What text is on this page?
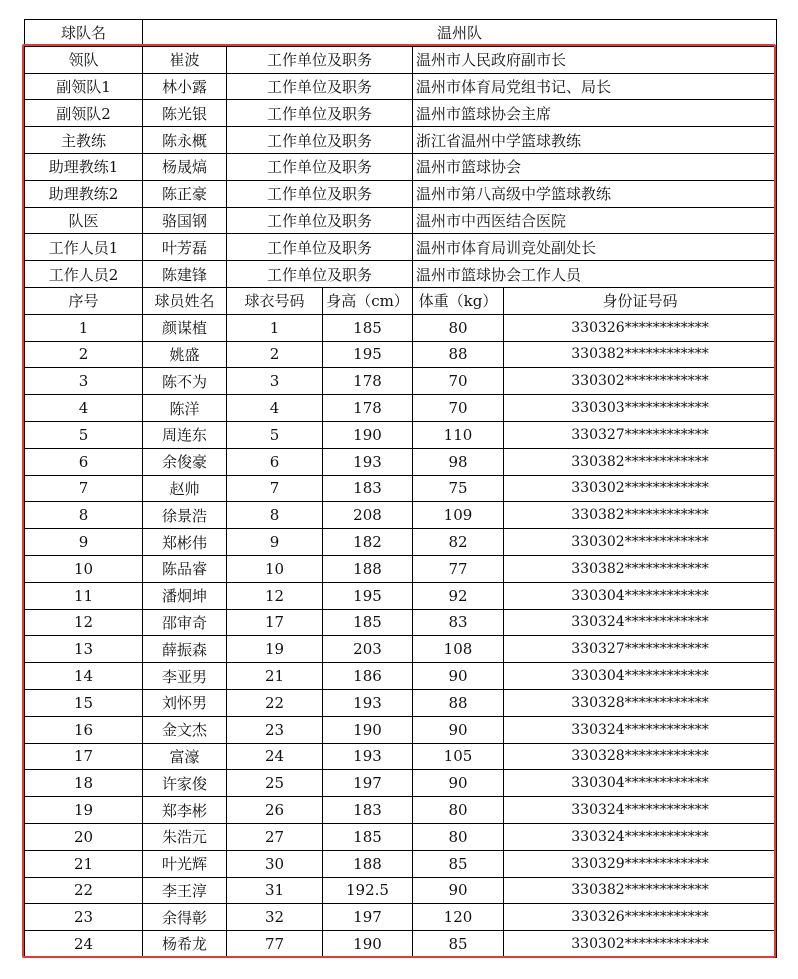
球队名	温州队				
领队	崔波	工作单位及职务		温州市人民政府副市长	
副领队1	林小露	工作单位及职务		温州市体育局党组书记、局长	
副领队2	陈光银	工作单位及职务		温州市篮球协会主席	
主教练	陈永概	工作单位及职务		浙江省温州中学篮球教练	
助理教练1	杨晟熇	工作单位及职务		温州市篮球协会	
助理教练2	陈正豪	工作单位及职务		温州市第八高级中学篮球教练	
队医	骆国钢	工作单位及职务		温州市中西医结合医院	
工作人员1	叶芳磊	工作单位及职务		温州市体育局训竞处副处长	
工作人员2	陈建锋	工作单位及职务		温州市篮球协会工作人员	
序号	球员姓名	球衣号码	身高（cm）	体重（kg）	身份证号码
1	颜谋植	1	185	80	330326************
2	姚盛	2	195	88	330382************
3	陈不为	3	178	70	330302************
4	陈洋	4	178	70	330303************
5	周连东	5	190	110	330327************
6	余俊豪	6	193	98	330382************
7	赵帅	7	183	75	330302************
8	徐景浩	8	208	109	330382************
9	郑彬伟	9	182	82	330302************
10	陈品睿	10	188	77	330382************
11	潘炯坤	12	195	92	330304************
12	邵审奇	17	185	83	330324************
13	薛振森	19	203	108	330327************
14	李亚男	21	186	90	330304************
15	刘怀男	22	193	88	330328************
16	金文杰	23	190	90	330324************
17	富濠	24	193	105	330328************
18	许家俊	25	197	90	330304************
19	郑李彬	26	183	80	330324************
20	朱浩元	27	185	80	330324************
21	叶光辉	30	188	85	330329************
22	李王淳	31	192.5	90	330382************
23	余得彰	32	197	120	330326************
24	杨希龙	77	190	85	330302************
